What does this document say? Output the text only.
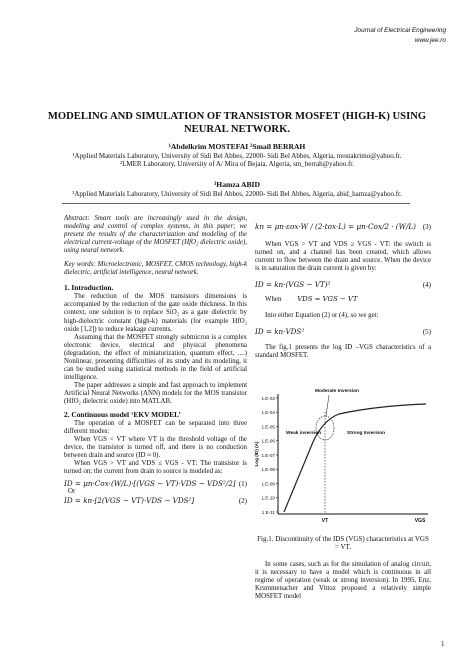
Journal of Electrical Engineering
www.jee.ro
MODELING AND SIMULATION OF TRANSISTOR MOSFET (HIGH-K) USING NEURAL NETWORK.
¹Abdelkrim MOSTEFAI ²Smail BERRAH
¹Applied Materials Laboratory, University of Sidi Bel Abbes, 22000- Sidi Bel Abbes, Algeria, mostakrimo@yahoo.fr.
²LMER Laboratory, University of A/ Mira of Bejaia, Algeria, sm_berrah@yahoo.fr.
³Hamza ABID
³Applied Materials Laboratory, University of Sidi Bel Abbes, 22000- Sidi Bel Abbes, Algeria, abid_hamza@yahoo.fr.

Abstract: Smart tools are increasingly used in the design, modeling and control of complex systems, in this paper; we present the results of the characterization and modeling of the electrical current-voltage of the MOSFET (HfO₂ dielectric oxide), using neural network.

Key words: Microelectronic, MOSFET, CMOS technology, high-k dielectric, artificial intelligence, neural network.

1. Introduction.

The reduction of the MOS transistors dimensions is accompanied by the reduction of the gate oxide thickness. In this context, one solution is to replace SiO₂ as a gate dielectric by high-dielectric constant (high-k) materials (for example HfO₂ oxide [1,2]) to reduce leakage currents.

Assuming that the MOSFET strongly submicron is a complex electronic device, electrical and physical phenomena (degradation, the effect of miniaturization, quantum effect, ....) Nonlinear, presenting difficulties of its study and its modeling, it can be studied using statistical methods in the field of artificial intelligence.

The paper addresses a simple and fast approach to implement Artificial Neural Networks (ANN) models for the MOS transistor (HfO₂ dielectric oxide) into MATLAB.

2. Continuous model ‘EKV MODEL’

The operation of a MOSFET can be separated into three different modes:

When VGS < VT where VT is the threshold voltage of the device, the transistor is turned off, and there is no conduction between drain and source (ID ≈ 0).

When VGS > VT and VDS ≤ VGS - VT: The transistor is turned on; the current from drain to source is modeled as:

ID = μn·Cox·(W/L)·[(VGS − VT)·VDS − VDS²/2] (1)

Or

ID = kn·[2(VGS − VT)·VDS − VDS²]	(2)
kn = μn·εox·W / (2·tox·L) = μn·Cox/2 · (W/L) (3)

When VGS > VT and VDS ≥ VGS - VT: the switch is turned on, and a channel has been created, which allows current to flow between the drain and source. When the device is in saturation the drain current is given by:

ID = kn·(VGS − VT)²	(4)
When VDS = VGS − VT

Into either Equation (2) or (4), so we get:

ID = kn·VDS²	(5)

The fig.1 presents the log ID –VGS characteristics of a standard MOSFET.

1.E-03
1.E-04
1.E-05
1.E-06
1.E-07
1.E-08
1.E-09
1.E-10
1.E-11
Log (ID) (A)
VT	VGS
Moderate Inversion
Weak inversion	Strong Inversion
Fig.1. Discontinuity of the IDS (VGS) characteristics at VGS = VT.

In some cases, such as for the simulation of analog circuit, it is necessary to have a model which is continuous in all regime of operation (weak or strong inversion). In 1995, Enz, Krummenacher and Vittoz proposed a relatively simple MOSFET model

1
